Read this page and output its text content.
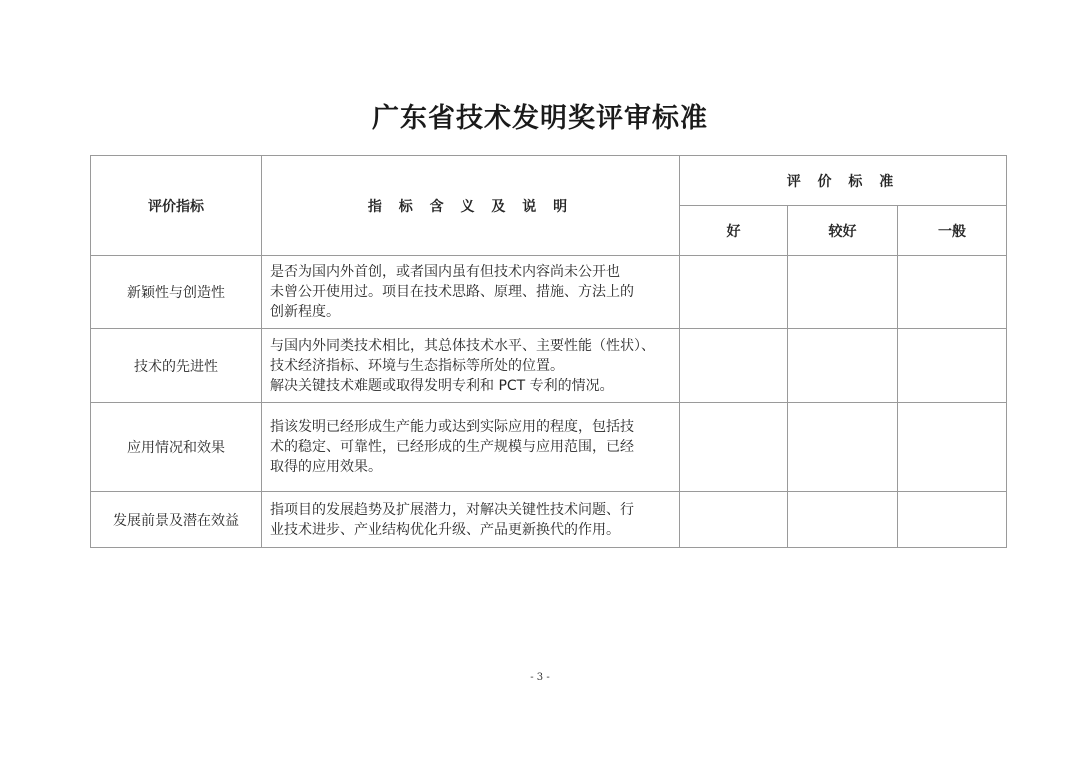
广东省技术发明奖评审标准
评价指标	指 标 含 义 及 说 明	评 价 标 准		
		好	较好	一般
新颖性与创造性	是否为国内外首创，或者国内虽有但技术内容尚未公开也
未曾公开使用过。项目在技术思路、原理、措施、方法上的
创新程度。			

技术的先进性	与国内外同类技术相比，其总体技术水平、主要性能（性状）、
技术经济指标、环境与生态指标等所处的位置。
解决关键技术难题或取得发明专利和 PCT 专利的情况。			

应用情况和效果	指该发明已经形成生产能力或达到实际应用的程度，包括技
术的稳定、可靠性，已经形成的生产规模与应用范围，已经
取得的应用效果。			

发展前景及潜在效益	指项目的发展趋势及扩展潜力，对解决关键性技术问题、行
业技术进步、产业结构优化升级、产品更新换代的作用。			

- 3 -
